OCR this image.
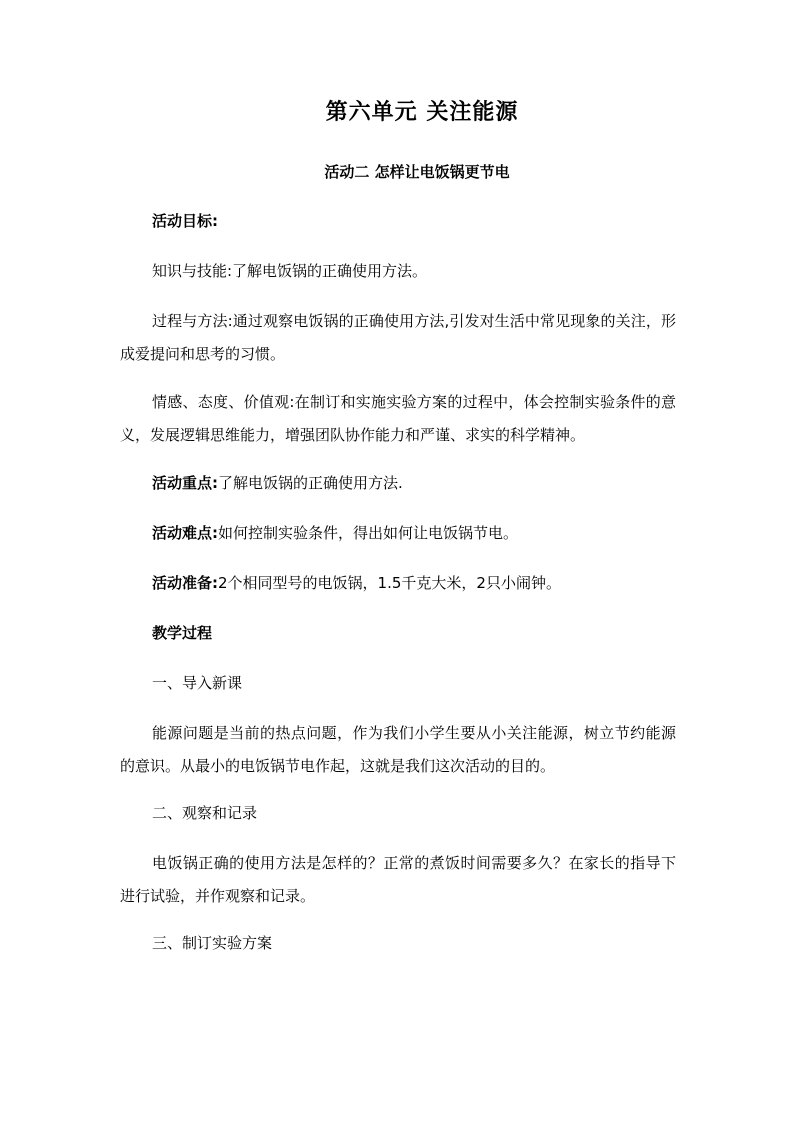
第六单元 关注能源
活动二 怎样让电饭锅更节电
活动目标:
知识与技能:了解电饭锅的正确使用方法。
过程与方法:通过观察电饭锅的正确使用方法,引发对生活中常见现象的关注，形成爱提问和思考的习惯。
情感、态度、价值观:在制订和实施实验方案的过程中，体会控制实验条件的意义，发展逻辑思维能力，增强团队协作能力和严谨、求实的科学精神。
活动重点:了解电饭锅的正确使用方法.
活动难点:如何控制实验条件，得出如何让电饭锅节电。
活动准备:2个相同型号的电饭锅，1.5千克大米，2只小闹钟。
教学过程
一、导入新课
能源问题是当前的热点问题，作为我们小学生要从小关注能源，树立节约能源的意识。从最小的电饭锅节电作起，这就是我们这次活动的目的。
二、观察和记录
电饭锅正确的使用方法是怎样的？正常的煮饭时间需要多久？在家长的指导下进行试验，并作观察和记录。
三、制订实验方案
